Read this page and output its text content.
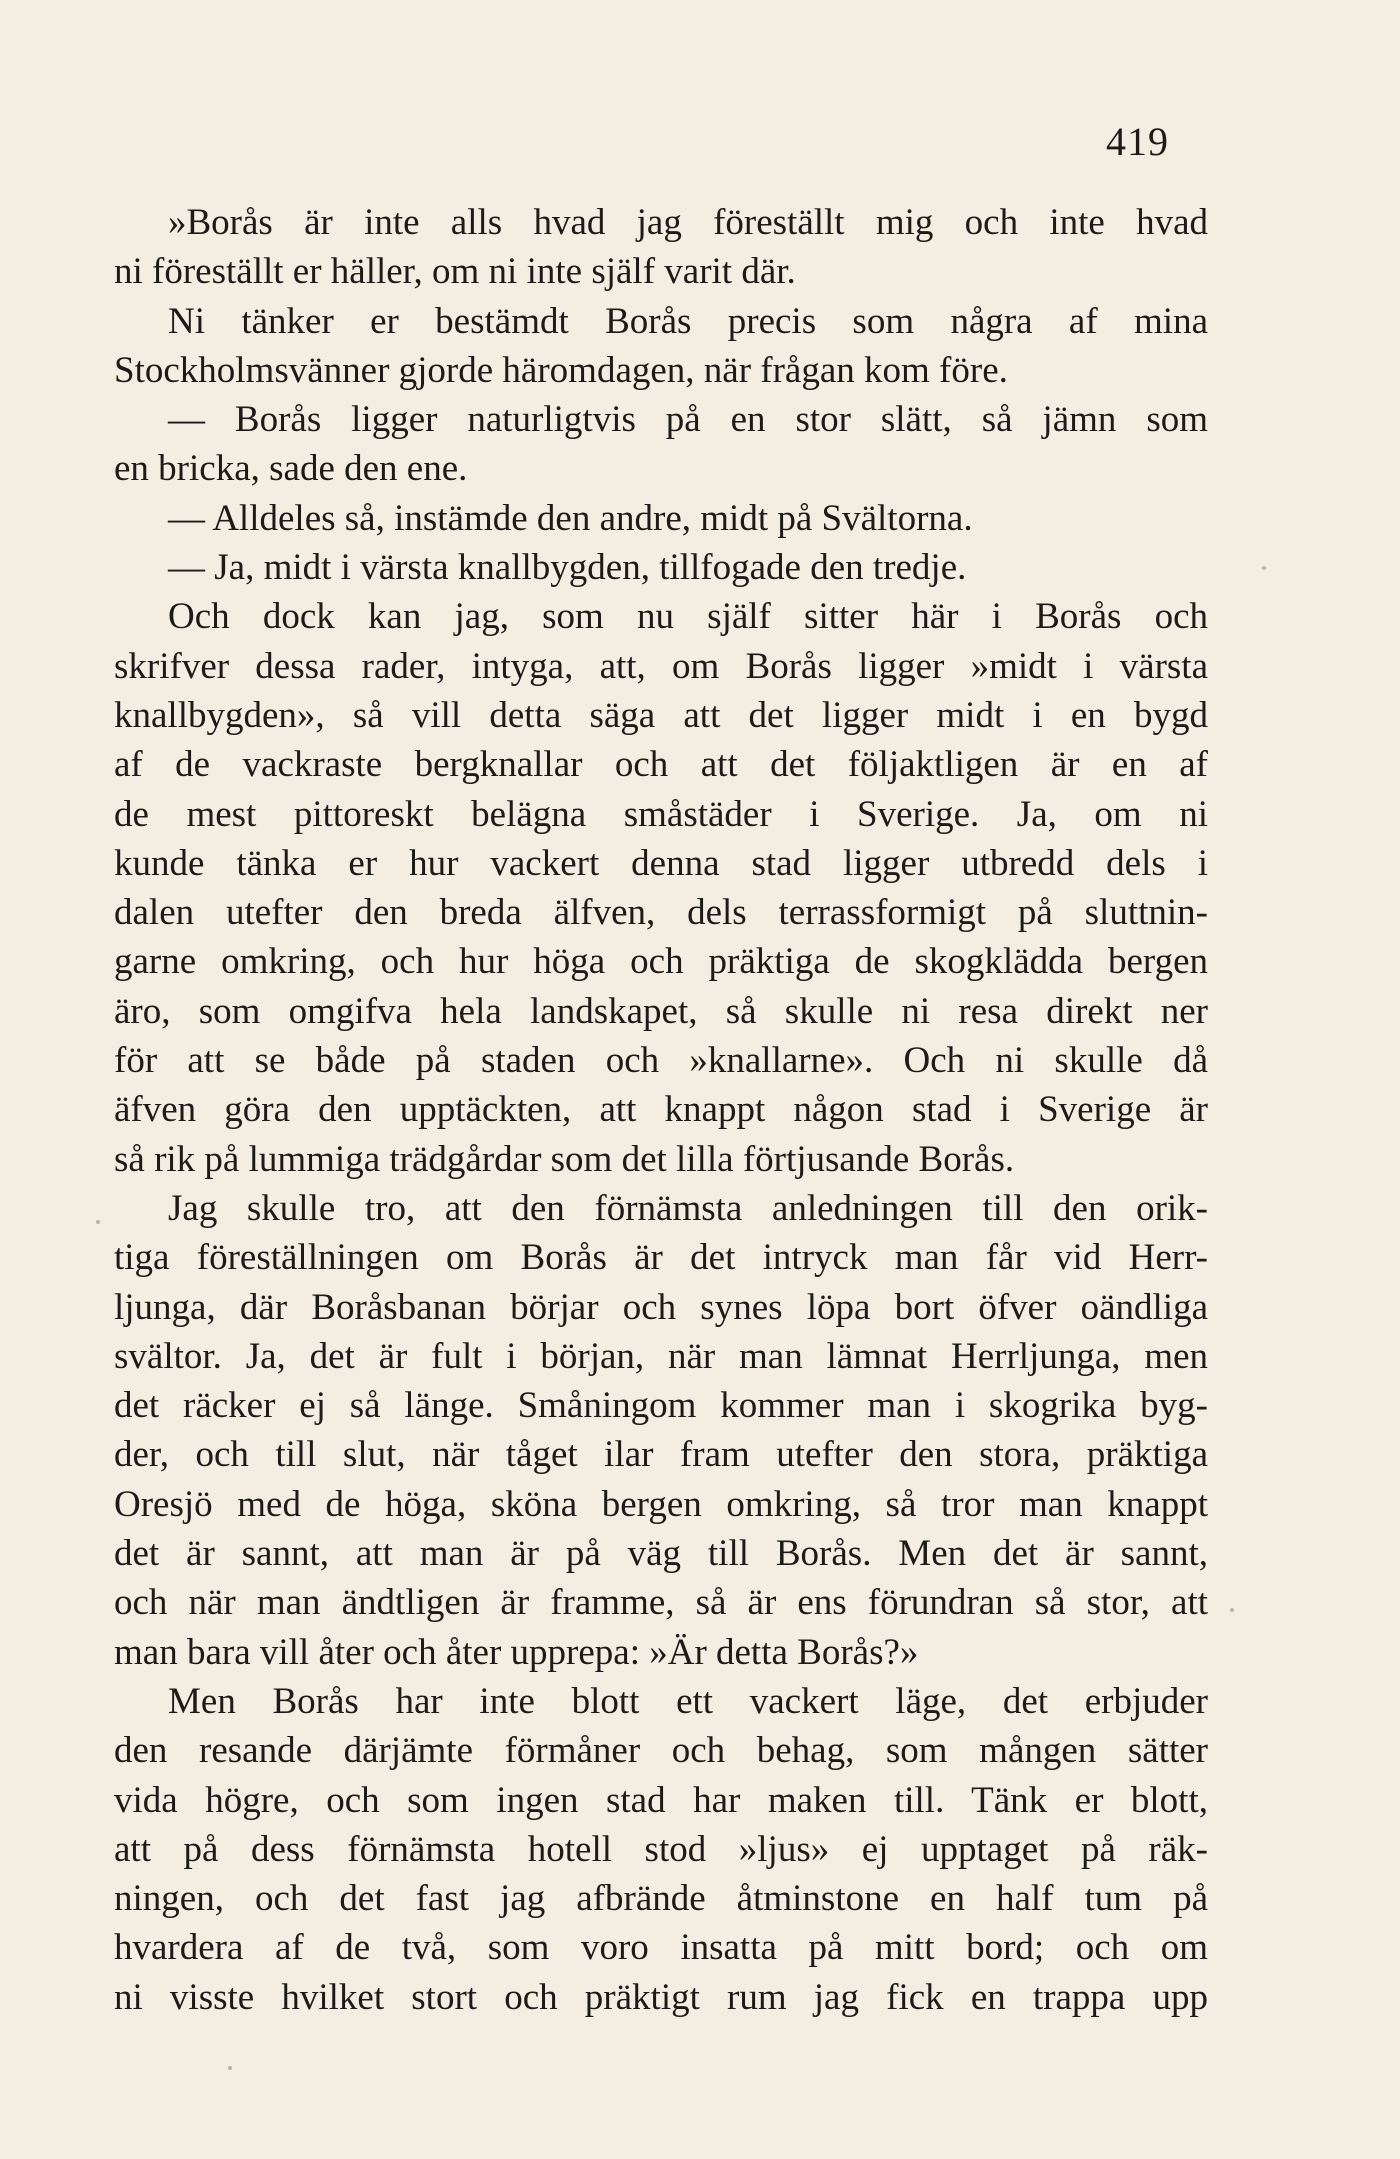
419
»Borås är inte alls hvad jag föreställt mig och inte hvad
ni föreställt er häller, om ni inte själf varit där.
Ni tänker er bestämdt Borås precis som några af mina
Stockholmsvänner gjorde häromdagen, när frågan kom före.
— Borås ligger naturligtvis på en stor slätt, så jämn som
en bricka, sade den ene.
— Alldeles så, instämde den andre, midt på Svältorna.
— Ja, midt i värsta knallbygden, tillfogade den tredje.
Och dock kan jag, som nu själf sitter här i Borås och
skrifver dessa rader, intyga, att, om Borås ligger »midt i värsta
knallbygden», så vill detta säga att det ligger midt i en bygd
af de vackraste bergknallar och att det följaktligen är en af
de mest pittoreskt belägna småstäder i Sverige. Ja, om ni
kunde tänka er hur vackert denna stad ligger utbredd dels i
dalen utefter den breda älfven, dels terrassformigt på sluttnin-
garne omkring, och hur höga och präktiga de skogklädda bergen
äro, som omgifva hela landskapet, så skulle ni resa direkt ner
för att se både på staden och »knallarne». Och ni skulle då
äfven göra den upptäckten, att knappt någon stad i Sverige är
så rik på lummiga trädgårdar som det lilla förtjusande Borås.
Jag skulle tro, att den förnämsta anledningen till den orik-
tiga föreställningen om Borås är det intryck man får vid Herr-
ljunga, där Boråsbanan börjar och synes löpa bort öfver oändliga
svältor. Ja, det är fult i början, när man lämnat Herrljunga, men
det räcker ej så länge. Småningom kommer man i skogrika byg-
der, och till slut, när tåget ilar fram utefter den stora, präktiga
Oresjö med de höga, sköna bergen omkring, så tror man knappt
det är sannt, att man är på väg till Borås. Men det är sannt,
och när man ändtligen är framme, så är ens förundran så stor, att
man bara vill åter och åter upprepa: »Är detta Borås?»
Men Borås har inte blott ett vackert läge, det erbjuder
den resande därjämte förmåner och behag, som mången sätter
vida högre, och som ingen stad har maken till. Tänk er blott,
att på dess förnämsta hotell stod »ljus» ej upptaget på räk-
ningen, och det fast jag afbrände åtminstone en half tum på
hvardera af de två, som voro insatta på mitt bord; och om
ni visste hvilket stort och präktigt rum jag fick en trappa upp
